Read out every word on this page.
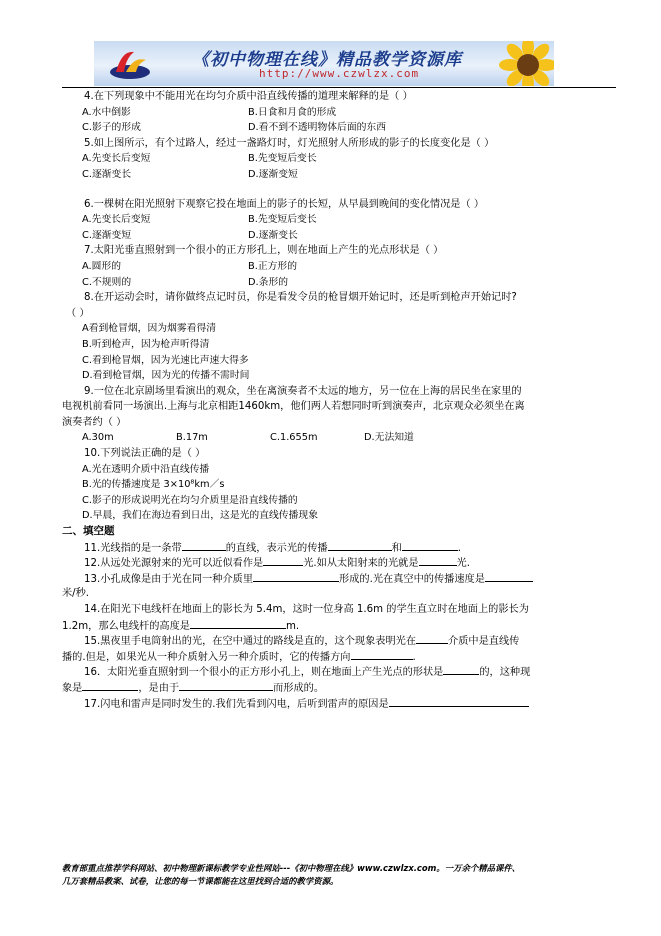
《初中物理在线》精品教学资源库
http://www.czwlzx.com
4.在下列现象中不能用光在均匀介质中沿直线传播的道理来解释的是（ ）
A.水中倒影	B.日食和月食的形成
C.影子的形成	D.看不到不透明物体后面的东西
5.如上图所示，有个过路人，经过一盏路灯时，灯光照射人所形成的影子的长度变化是（ ）
A.先变长后变短	B.先变短后变长
C.逐渐变长	D.逐渐变短
6.一棵树在阳光照射下观察它投在地面上的影子的长短，从早晨到晚间的变化情况是（ ）
A.先变长后变短	B.先变短后变长
C.逐渐变短	D.逐渐变长
7.太阳光垂直照射到一个很小的正方形孔上，则在地面上产生的光点形状是（ ）
A.圆形的	B.正方形的
C.不规则的	D.条形的
8.在开运动会时，请你做终点记时员，你是看发令员的枪冒烟开始记时，还是听到枪声开始记时?
（ ）
A看到枪冒烟，因为烟雾看得清
B.听到枪声，因为枪声听得清
C.看到枪冒烟，因为光速比声速大得多
D.看到枪冒烟，因为光的传播不需时间
9.一位在北京剧场里看演出的观众，坐在离演奏者不太远的地方，另一位在上海的居民坐在家里的
电视机前看同一场演出.上海与北京相距1460km，他们两人若想同时听到演奏声，北京观众必须坐在离
演奏者约（ ）
A.30m	B.17m	C.1.655m	D.无法知道
10.下列说法正确的是（ ）
A.光在透明介质中沿直线传播
B.光的传播速度是 3×10⁸km／s
C.影子的形成说明光在均匀介质里是沿直线传播的
D.早晨，我们在海边看到日出，这是光的直线传播现象
二、填空题
11.光线指的是一条带	的直线，表示光的传播	和	.
12.从远处光源射来的光可以近似看作是	光.如从太阳射来的光就是	光.
13.小孔成像是由于光在同一种介质里	形成的.光在真空中的传播速度是
米/秒.
14.在阳光下电线杆在地面上的影长为 5.4m，这时一位身高 1.6m 的学生直立时在地面上的影长为
1.2m，那么电线杆的高度是	m.
15.黑夜里手电筒射出的光，在空中通过的路线是直的，这个现象表明光在	介质中是直线传
播的.但是，如果光从一种介质射入另一种介质时，它的传播方向	.
16．太阳光垂直照射到一个很小的正方形小孔上，则在地面上产生光点的形状是	的，这种现
象是	，是由于	而形成的。
17.闪电和雷声是同时发生的.我们先看到闪电，后听到雷声的原因是
教育部重点推荐学科网站、初中物理新课标教学专业性网站---《初中物理在线》www.czwlzx.com。一万余个精品课件、
几万套精品教案、试卷，让您的每一节课都能在这里找到合适的教学资源。
